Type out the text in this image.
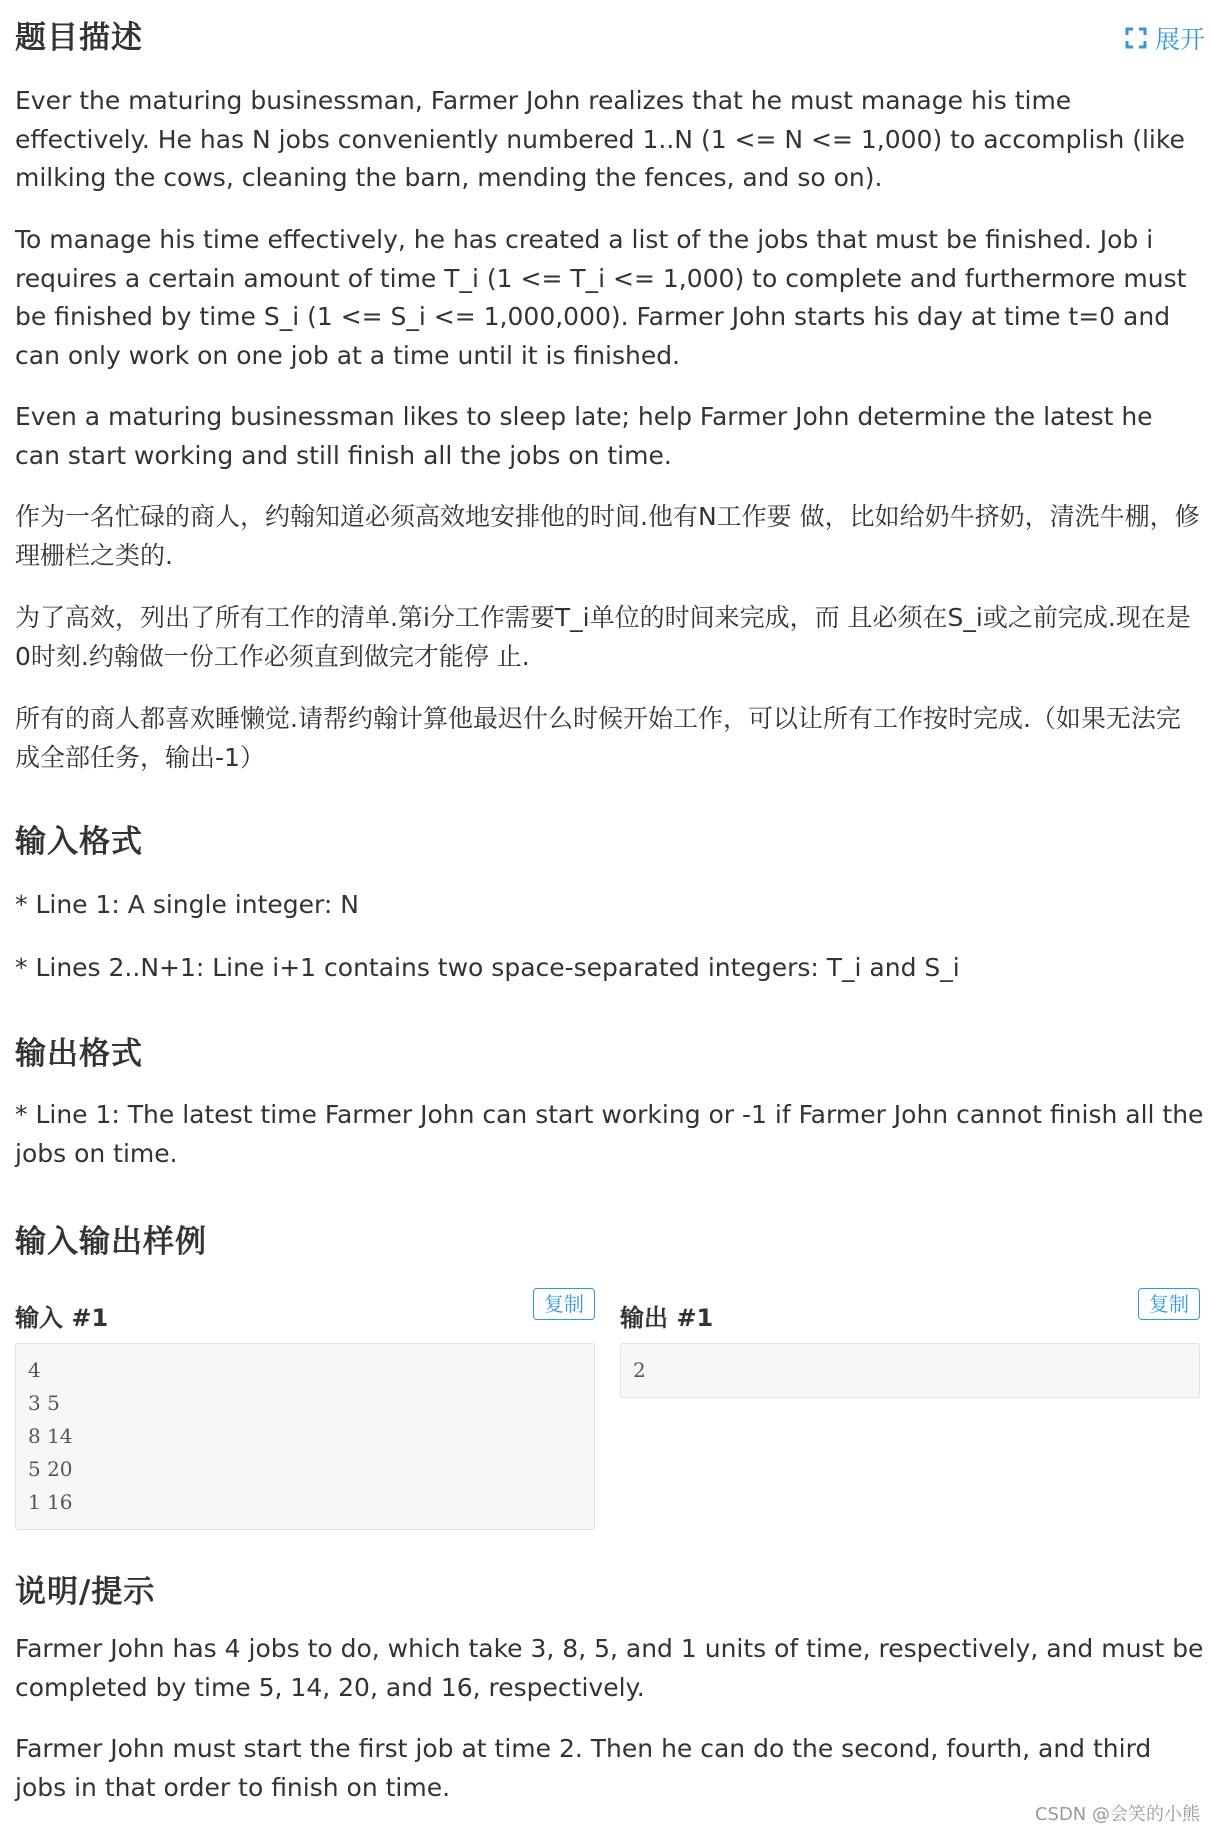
题目描述	展开

Ever the maturing businessman, Farmer John realizes that he must manage his time effectively. He has N jobs conveniently numbered 1..N (1 <= N <= 1,000) to accomplish (like milking the cows, cleaning the barn, mending the fences, and so on).

To manage his time effectively, he has created a list of the jobs that must be finished. Job i requires a certain amount of time T_i (1 <= T_i <= 1,000) to complete and furthermore must be finished by time S_i (1 <= S_i <= 1,000,000). Farmer John starts his day at time t=0 and can only work on one job at a time until it is finished.

Even a maturing businessman likes to sleep late; help Farmer John determine the latest he can start working and still finish all the jobs on time.

作为一名忙碌的商人，约翰知道必须高效地安排他的时间.他有N工作要 做，比如给奶牛挤奶，清洗牛棚，修理栅栏之类的.

为了高效，列出了所有工作的清单.第i分工作需要T_i单位的时间来完成，而 且必须在S_i或之前完成.现在是0时刻.约翰做一份工作必须直到做完才能停 止.

所有的商人都喜欢睡懒觉.请帮约翰计算他最迟什么时候开始工作，可以让所有工作按时完成.（如果无法完成全部任务，输出-1）

输入格式

* Line 1: A single integer: N

* Lines 2..N+1: Line i+1 contains two space-separated integers: T_i and S_i

输出格式

* Line 1: The latest time Farmer John can start working or -1 if Farmer John cannot finish all the jobs on time.

输入输出样例
输入 #1	复制
4
3 5
8 14
5 20
1 16
输出 #1	复制
2
说明/提示

Farmer John has 4 jobs to do, which take 3, 8, 5, and 1 units of time, respectively, and must be completed by time 5, 14, 20, and 16, respectively.

Farmer John must start the first job at time 2. Then he can do the second, fourth, and third jobs in that order to finish on time.

CSDN @会笑的小熊
